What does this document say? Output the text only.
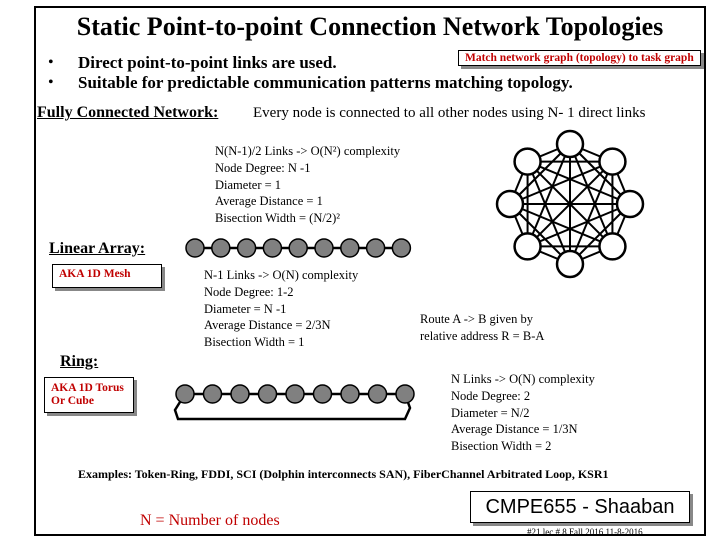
Static Point-to-point Connection Network Topologies
• Direct point-to-point links are used.
• Suitable for predictable communication patterns matching topology.
Match network graph (topology) to task graph
Fully Connected Network: Every node is connected to all other nodes using N- 1 direct links
N(N-1)/2 Links -> O(N²) complexity
Node Degree: N -1
Diameter = 1
Average Distance = 1
Bisection Width = (N/2)²
Linear Array:
AKA 1D Mesh	N-1 Links -> O(N) complexity
Node Degree: 1-2
Diameter = N -1
Average Distance = 2/3N
Bisection Width = 1
Route A -> B given by
relative address R = B-A
Ring:
AKA 1D Torus
Or Cube
N Links -> O(N) complexity
Node Degree: 2
Diameter = N/2
Average Distance = 1/3N
Bisection Width = 2
Examples: Token-Ring, FDDI, SCI (Dolphin interconnects SAN), FiberChannel Arbitrated Loop, KSR1
N = Number of nodes
CMPE655 - Shaaban
#21 lec # 8 Fall 2016 11-8-2016
